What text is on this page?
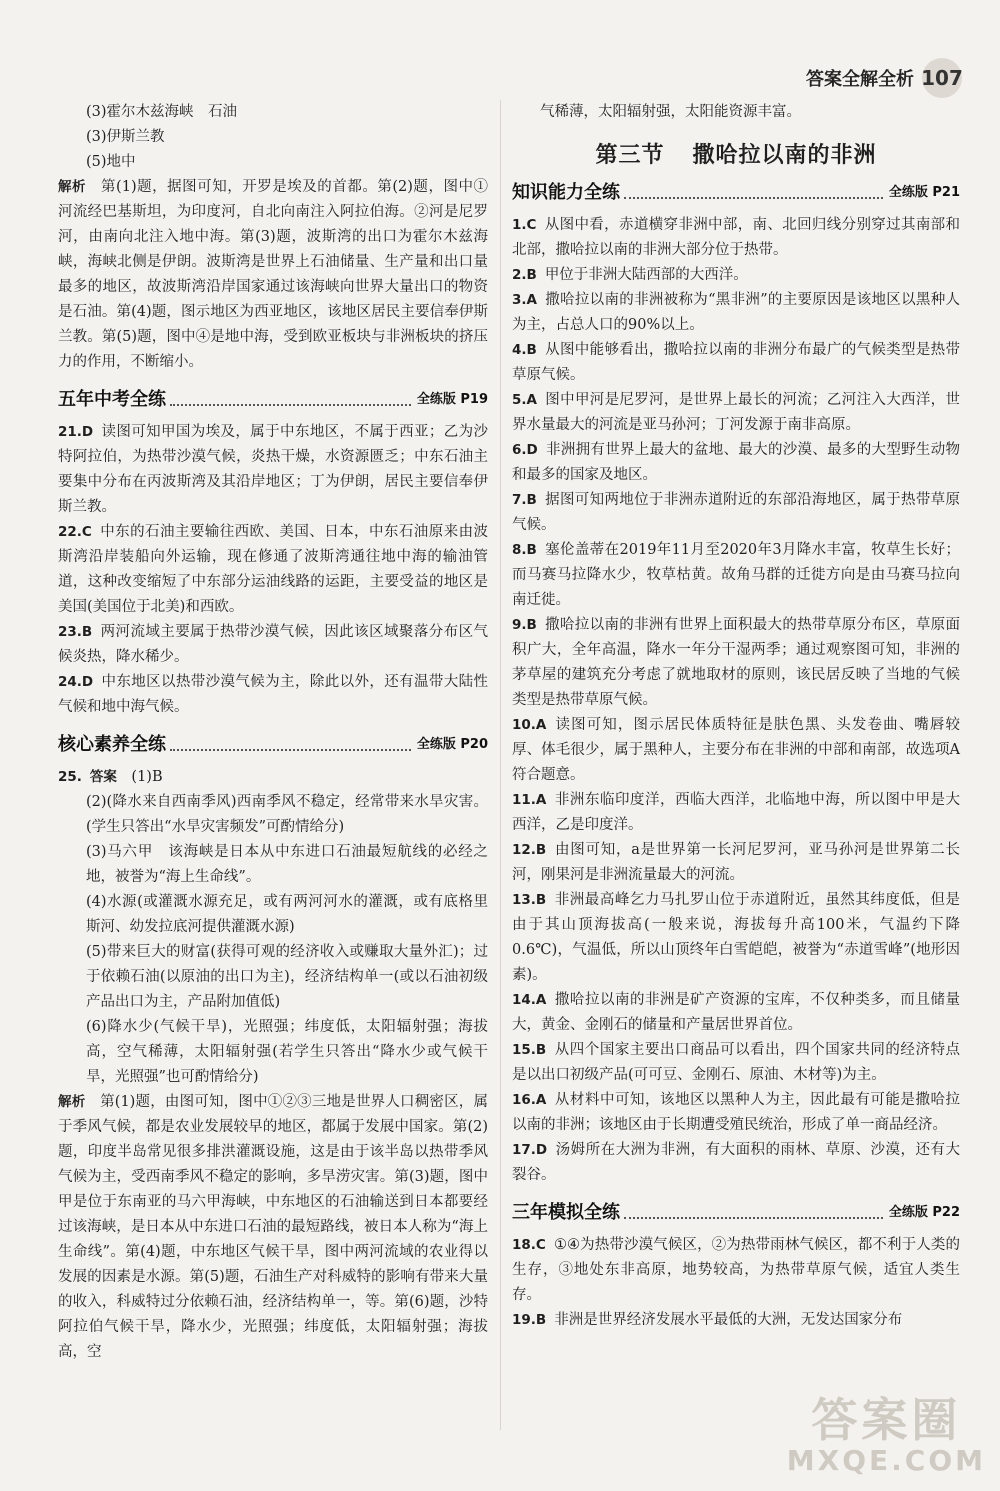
答案全解全析 107

(3)霍尔木兹海峡　石油

(3)伊斯兰教

(5)地中

解析　 第(1)题，据图可知，开罗是埃及的首都。第(2)题，图中①河流经巴基斯坦，为印度河，自北向南注入阿拉伯海。②河是尼罗河，由南向北注入地中海。第(3)题，波斯湾的出口为霍尔木兹海峡，海峡北侧是伊朗。波斯湾是世界上石油储量、生产量和出口量最多的地区，故波斯湾沿岸国家通过该海峡向世界大量出口的物资是石油。第(4)题，图示地区为西亚地区，该地区居民主要信奉伊斯兰教。第(5)题，图中④是地中海，受到欧亚板块与非洲板块的挤压力的作用，不断缩小。

五年中考全练	全练版 P19

21.D 读图可知甲国为埃及，属于中东地区，不属于西亚；乙为沙特阿拉伯，为热带沙漠气候，炎热干燥，水资源匮乏；中东石油主要集中分布在丙波斯湾及其沿岸地区；丁为伊朗，居民主要信奉伊斯兰教。

22.C 中东的石油主要输往西欧、美国、日本，中东石油原来由波斯湾沿岸装船向外运输，现在修通了波斯湾通往地中海的输油管道，这种改变缩短了中东部分运油线路的运距，主要受益的地区是美国(美国位于北美)和西欧。

23.B 两河流域主要属于热带沙漠气候，因此该区域聚落分布区气候炎热，降水稀少。

24.D 中东地区以热带沙漠气候为主，除此以外，还有温带大陆性气候和地中海气候。

核心素养全练	全练版 P20

25. 答案　 (1)B

(2)(降水来自西南季风)西南季风不稳定，经常带来水旱灾害。(学生只答出“水旱灾害频发”可酌情给分)

(3)马六甲　该海峡是日本从中东进口石油最短航线的必经之地，被誉为“海上生命线”。

(4)水源(或灌溉水源充足，或有两河河水的灌溉，或有底格里斯河、幼发拉底河提供灌溉水源)

(5)带来巨大的财富(获得可观的经济收入或赚取大量外汇)；过于依赖石油(以原油的出口为主)，经济结构单一(或以石油初级产品出口为主，产品附加值低)

(6)降水少(气候干旱)，光照强；纬度低，太阳辐射强；海拔高，空气稀薄，太阳辐射强(若学生只答出“降水少或气候干旱，光照强”也可酌情给分)

解析　 第(1)题，由图可知，图中①②③三地是世界人口稠密区，属于季风气候，都是农业发展较早的地区，都属于发展中国家。第(2)题，印度半岛常见很多排洪灌溉设施，这是由于该半岛以热带季风气候为主，受西南季风不稳定的影响，多旱涝灾害。第(3)题，图中甲是位于东南亚的马六甲海峡，中东地区的石油输送到日本都要经过该海峡，是日本从中东进口石油的最短路线，被日本人称为“海上生命线”。第(4)题，中东地区气候干旱，图中两河流域的农业得以发展的因素是水源。第(5)题，石油生产对科威特的影响有带来大量的收入，科威特过分依赖石油，经济结构单一，等。第(6)题，沙特阿拉伯气候干旱，降水少，光照强；纬度低，太阳辐射强；海拔高，空

气稀薄，太阳辐射强，太阳能资源丰富。

第三节 撒哈拉以南的非洲
知识能力全练	全练版 P21

1.C 从图中看，赤道横穿非洲中部，南、北回归线分别穿过其南部和北部，撒哈拉以南的非洲大部分位于热带。

2.B 甲位于非洲大陆西部的大西洋。

3.A 撒哈拉以南的非洲被称为“黑非洲”的主要原因是该地区以黑种人为主，占总人口的90%以上。

4.B 从图中能够看出，撒哈拉以南的非洲分布最广的气候类型是热带草原气候。

5.A 图中甲河是尼罗河，是世界上最长的河流；乙河注入大西洋，世界水量最大的河流是亚马孙河；丁河发源于南非高原。

6.D 非洲拥有世界上最大的盆地、最大的沙漠、最多的大型野生动物和最多的国家及地区。

7.B 据图可知两地位于非洲赤道附近的东部沿海地区，属于热带草原气候。

8.B 塞伦盖蒂在2019年11月至2020年3月降水丰富，牧草生长好；而马赛马拉降水少，牧草枯黄。故角马群的迁徙方向是由马赛马拉向南迁徙。

9.B 撒哈拉以南的非洲有世界上面积最大的热带草原分布区，草原面积广大，全年高温，降水一年分干湿两季；通过观察图可知，非洲的茅草屋的建筑充分考虑了就地取材的原则，该民居反映了当地的气候类型是热带草原气候。

10.A 读图可知，图示居民体质特征是肤色黑、头发卷曲、嘴唇较厚、体毛很少，属于黑种人，主要分布在非洲的中部和南部，故选项A符合题意。

11.A 非洲东临印度洋，西临大西洋，北临地中海，所以图中甲是大西洋，乙是印度洋。

12.B 由图可知，a是世界第一长河尼罗河，亚马孙河是世界第二长河，刚果河是非洲流量最大的河流。

13.B 非洲最高峰乞力马扎罗山位于赤道附近，虽然其纬度低，但是由于其山顶海拔高(一般来说，海拔每升高100米，气温约下降0.6℃)，气温低，所以山顶终年白雪皑皑，被誉为“赤道雪峰”(地形因素)。

14.A 撒哈拉以南的非洲是矿产资源的宝库，不仅种类多，而且储量大，黄金、金刚石的储量和产量居世界首位。

15.B 从四个国家主要出口商品可以看出，四个国家共同的经济特点是以出口初级产品(可可豆、金刚石、原油、木材等)为主。

16.A 从材料中可知，该地区以黑种人为主，因此最有可能是撒哈拉以南的非洲；该地区由于长期遭受殖民统治，形成了单一商品经济。

17.D 汤姆所在大洲为非洲，有大面积的雨林、草原、沙漠，还有大裂谷。

三年模拟全练	全练版 P22

18.C ①④为热带沙漠气候区，②为热带雨林气候区，都不利于人类的生存，③地处东非高原，地势较高，为热带草原气候，适宜人类生存。

19.B 非洲是世界经济发展水平最低的大洲，无发达国家分布

答案圈
MXQE.COM
